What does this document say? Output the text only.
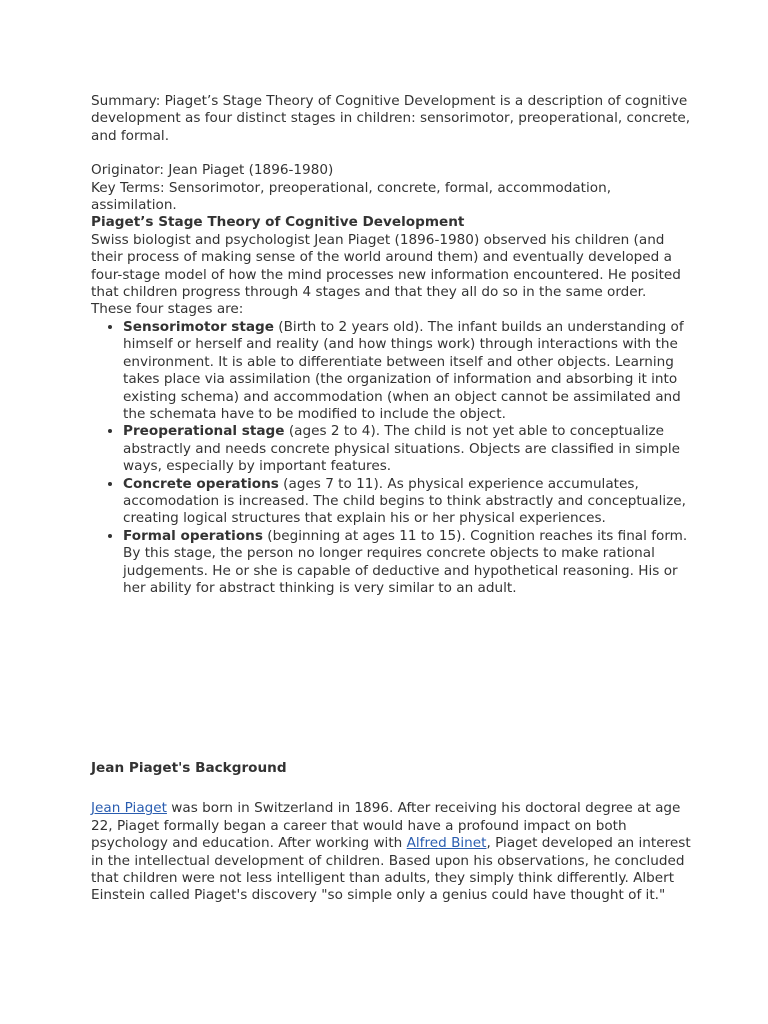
Summary: Piaget’s Stage Theory of Cognitive Development is a description of cognitive development as four distinct stages in children: sensorimotor, preoperational, concrete, and formal.

Originator: Jean Piaget (1896-1980)

Key Terms: Sensorimotor, preoperational, concrete, formal, accommodation, assimilation.

Piaget’s Stage Theory of Cognitive Development

Swiss biologist and psychologist Jean Piaget (1896-1980) observed his children (and their process of making sense of the world around them) and eventually developed a four-stage model of how the mind processes new information encountered. He posited that children progress through 4 stages and that they all do so in the same order. These four stages are:

• Sensorimotor stage (Birth to 2 years old). The infant builds an understanding of himself or herself and reality (and how things work) through interactions with the environment. It is able to differentiate between itself and other objects. Learning takes place via assimilation (the organization of information and absorbing it into existing schema) and accommodation (when an object cannot be assimilated and the schemata have to be modified to include the object.
• Preoperational stage (ages 2 to 4). The child is not yet able to conceptualize abstractly and needs concrete physical situations. Objects are classified in simple ways, especially by important features.
• Concrete operations (ages 7 to 11). As physical experience accumulates, accomodation is increased. The child begins to think abstractly and conceptualize, creating logical structures that explain his or her physical experiences.
• Formal operations (beginning at ages 11 to 15). Cognition reaches its final form. By this stage, the person no longer requires concrete objects to make rational judgements. He or she is capable of deductive and hypothetical reasoning. His or her ability for abstract thinking is very similar to an adult.
Jean Piaget's Background

Jean Piaget was born in Switzerland in 1896. After receiving his doctoral degree at age 22, Piaget formally began a career that would have a profound impact on both psychology and education. After working with Alfred Binet, Piaget developed an interest in the intellectual development of children. Based upon his observations, he concluded that children were not less intelligent than adults, they simply think differently. Albert Einstein called Piaget's discovery "so simple only a genius could have thought of it."
